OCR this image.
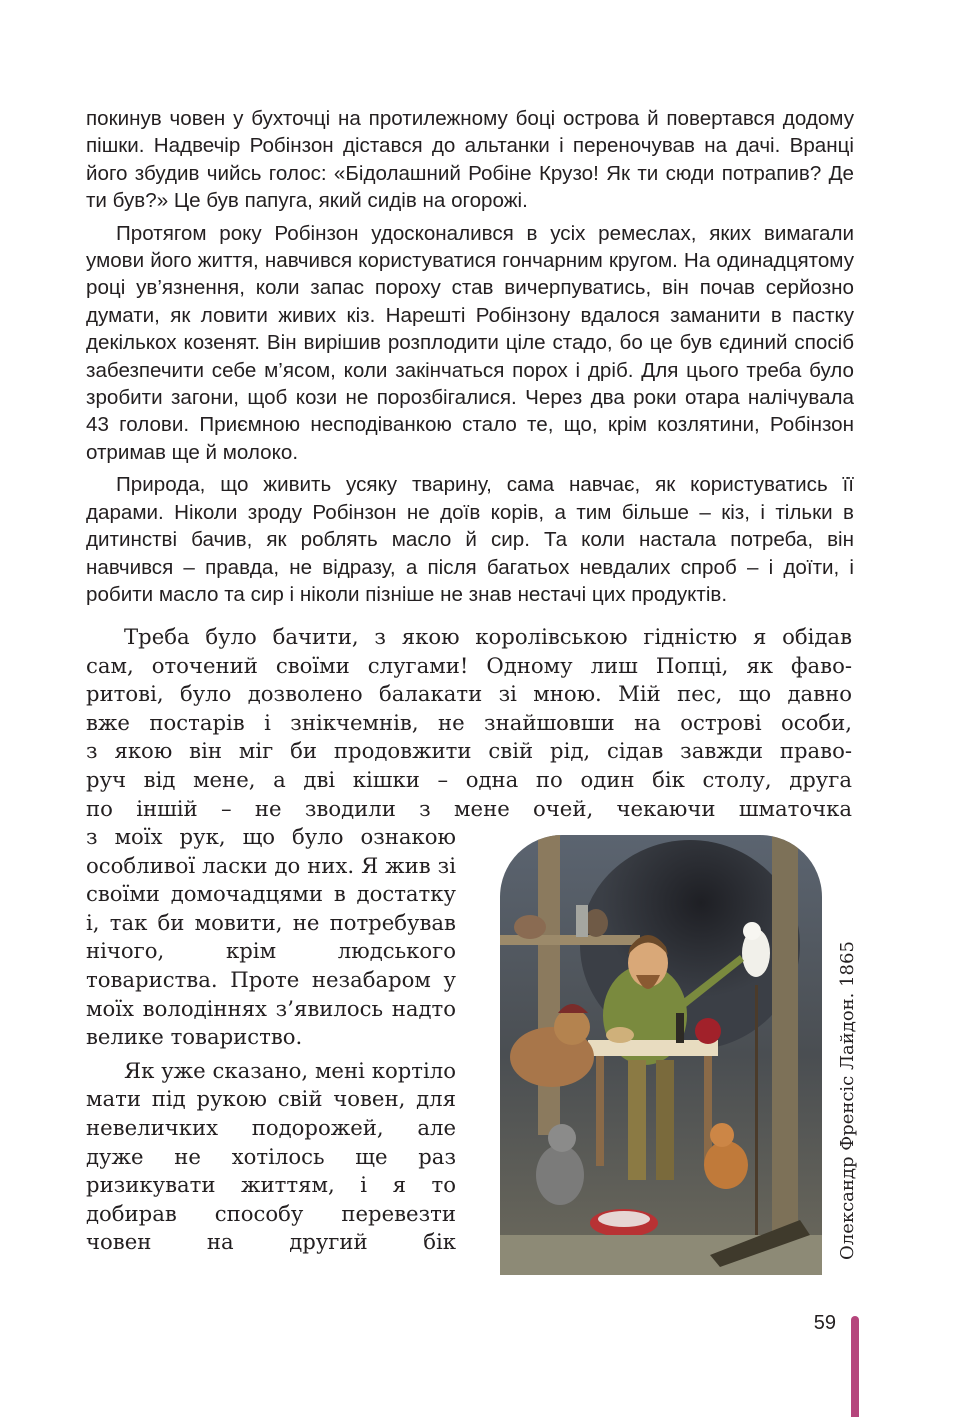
покинув човен у бухточці на протилежному боці острова й повертався додому пішки. Надвечір Робінзон дістався до альтанки і переночував на дачі. Вранці його збудив чийсь голос: «Бідолашний Робіне Крузо! Як ти сюди потрапив? Де ти був?» Це був папуга, який сидів на огорожі.

Протягом року Робінзон удосконалився в усіх ремеслах, яких вимагали умови його життя, навчився користуватися гончарним кругом. На одинадцятому році ув’язнення, коли запас пороху став вичерпуватись, він почав серйозно думати, як ловити живих кіз. Нарешті Робінзону вдалося заманити в пастку декількох козенят. Він вирішив розплодити ціле стадо, бо це був єдиний спосіб забезпечити себе м’ясом, коли закінчаться порох і дріб. Для цього треба було зробити загони, щоб кози не порозбігалися. Через два роки отара налічувала 43 голови. Приємною несподіванкою стало те, що, крім козлятини, Робінзон отримав ще й молоко.

Природа, що живить усяку тварину, сама навчає, як користуватись її дарами. Ніколи зроду Робінзон не доїв корів, а тим більше – кіз, і тільки в дитинстві бачив, як роблять масло й сир. Та коли настала потреба, він навчився – правда, не відразу, а після багатьох невдалих спроб – і доїти, і робити масло та сир і ніколи пізніше не знав нестачі цих продуктів.

Треба було бачити, з якою королівською гідністю я обідав
сам, оточений своїми слугами! Одному лиш Попці, як фаво-
ритові, було дозволено балакати зі мною. Мій пес, що давно
вже постарів і знікчемнів, не знайшовши на острові особи,
з якою він міг би продовжити свій рід, сідав завжди право-
руч від мене, а дві кішки – одна по один бік столу, друга
по іншій – не зводили з мене очей, чекаючи шматочка

з моїх рук, що було ознакою особливої ласки до них. Я жив зі своїми домочадцями в достатку і, так би мовити, не потребував нічого, крім людського товариства. Проте незабаром у моїх володіннях з’явилось надто велике товариство.

Як уже сказано, мені кортіло мати під рукою свій човен, для невеличких подорожей, але дуже не хотілось ще раз ризикувати життям, і я то добирав способу перевезти човен на другий бік	Олександр Френсіс Лайдон. 1865
59
